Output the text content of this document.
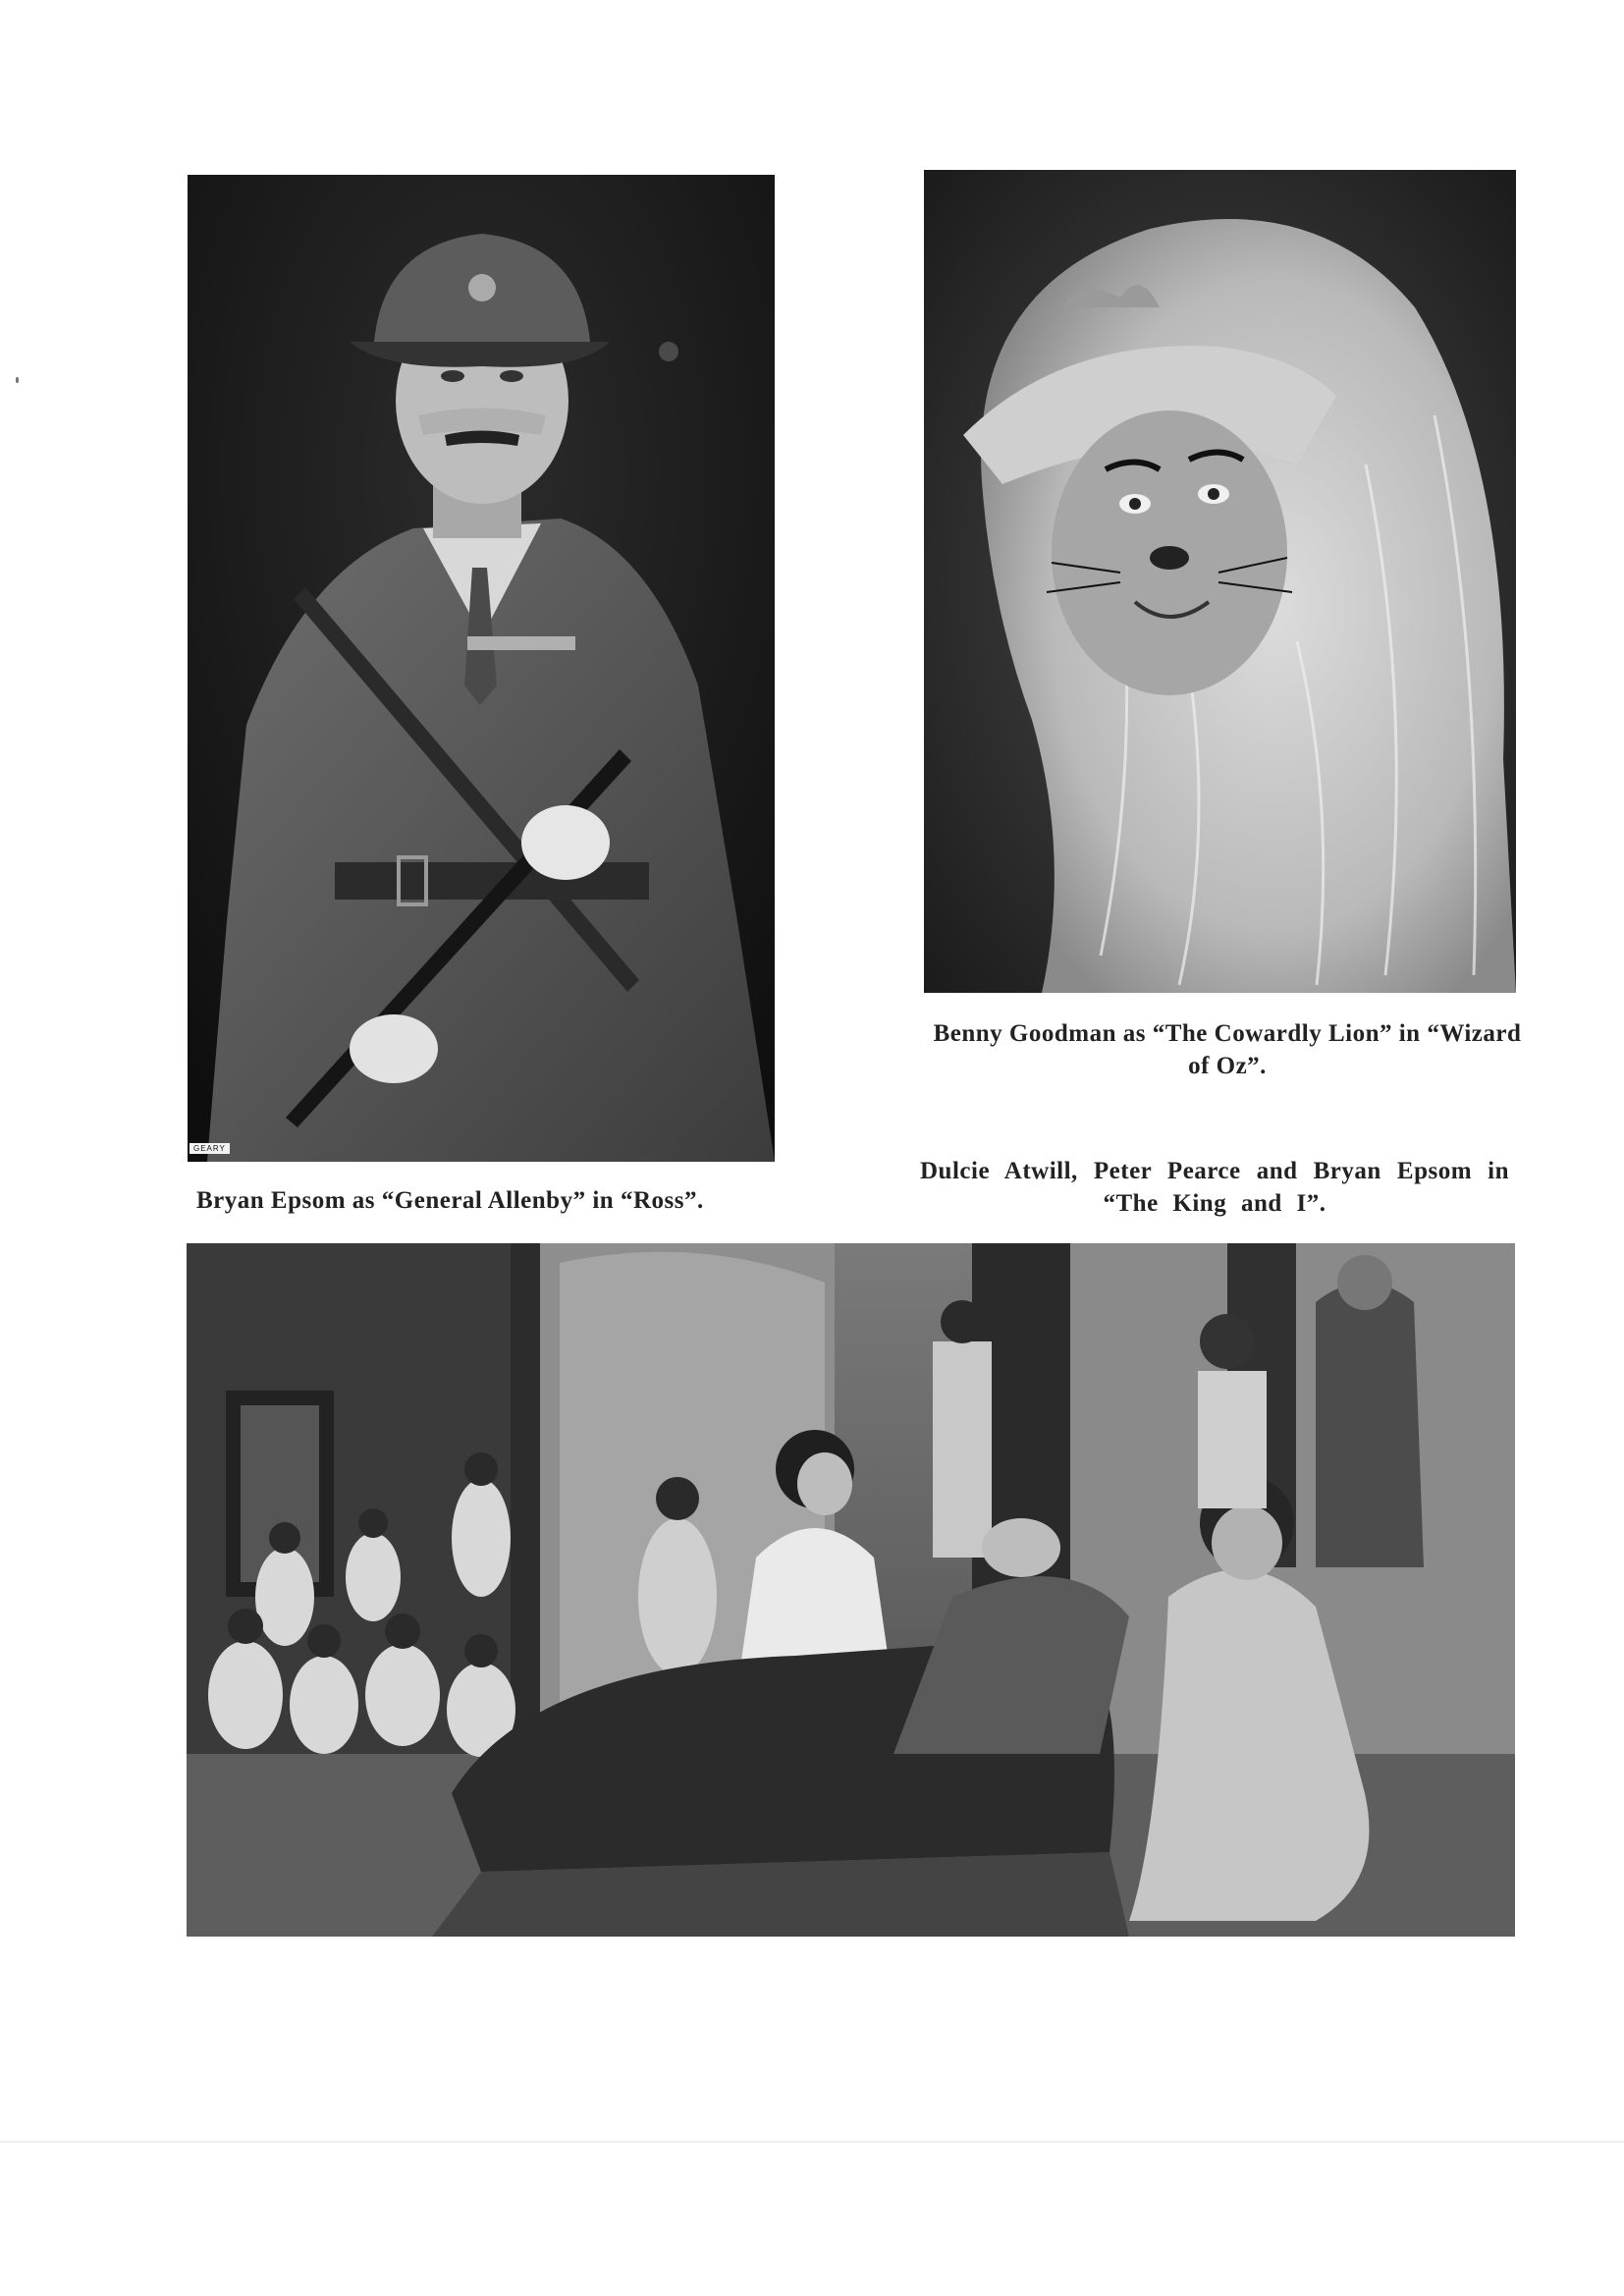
GEARY
Bryan Epsom as “General Allenby” in “Ross”.
Benny Goodman as “The Cowardly Lion” in “Wizard of Oz”.
Dulcie Atwill, Peter Pearce and Bryan Epsom in “The King and I”.
